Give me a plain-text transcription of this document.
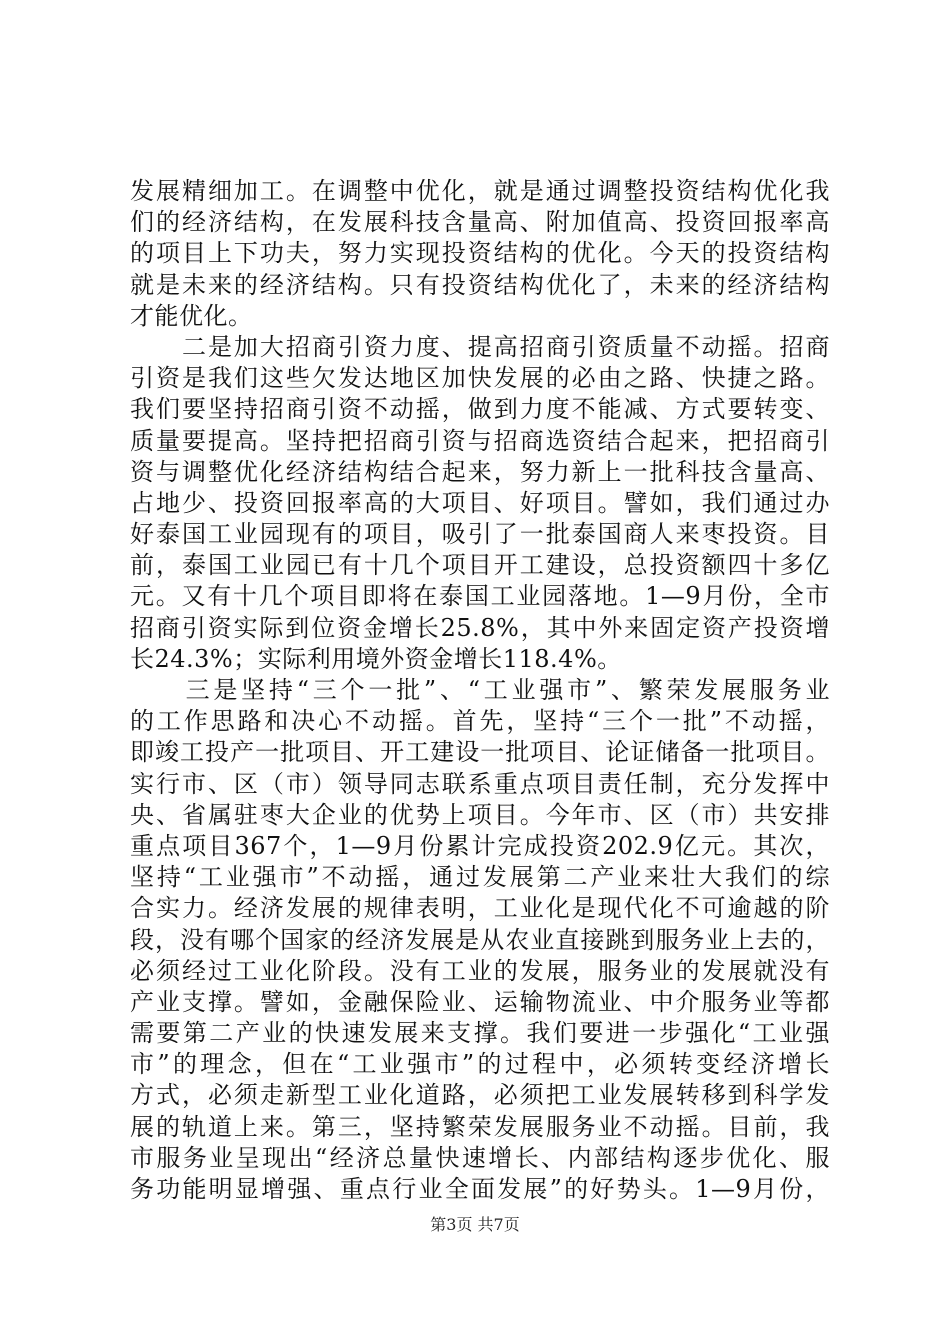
发展精细加工。在调整中优化，就是通过调整投资结构优化我
们的经济结构，在发展科技含量高、附加值高、投资回报率高
的项目上下功夫，努力实现投资结构的优化。今天的投资结构
就是未来的经济结构。只有投资结构优化了，未来的经济结构
才能优化。
　　二是加大招商引资力度、提高招商引资质量不动摇。招商
引资是我们这些欠发达地区加快发展的必由之路、快捷之路。
我们要坚持招商引资不动摇，做到力度不能减、方式要转变、
质量要提高。坚持把招商引资与招商选资结合起来，把招商引
资与调整优化经济结构结合起来，努力新上一批科技含量高、
占地少、投资回报率高的大项目、好项目。譬如，我们通过办
好泰国工业园现有的项目，吸引了一批泰国商人来枣投资。目
前，泰国工业园已有十几个项目开工建设，总投资额四十多亿
元。又有十几个项目即将在泰国工业园落地。1—9月份，全市
招商引资实际到位资金增长25.8%，其中外来固定资产投资增
长24.3%；实际利用境外资金增长118.4%。
　　三是坚持“三个一批”、“工业强市”、繁荣发展服务业
的工作思路和决心不动摇。首先，坚持“三个一批”不动摇，
即竣工投产一批项目、开工建设一批项目、论证储备一批项目。
实行市、区（市）领导同志联系重点项目责任制，充分发挥中
央、省属驻枣大企业的优势上项目。今年市、区（市）共安排
重点项目367个，1—9月份累计完成投资202.9亿元。其次，
坚持“工业强市”不动摇，通过发展第二产业来壮大我们的综
合实力。经济发展的规律表明，工业化是现代化不可逾越的阶
段，没有哪个国家的经济发展是从农业直接跳到服务业上去的，
必须经过工业化阶段。没有工业的发展，服务业的发展就没有
产业支撑。譬如，金融保险业、运输物流业、中介服务业等都
需要第二产业的快速发展来支撑。我们要进一步强化“工业强
市”的理念，但在“工业强市”的过程中，必须转变经济增长
方式，必须走新型工业化道路，必须把工业发展转移到科学发
展的轨道上来。第三，坚持繁荣发展服务业不动摇。目前，我
市服务业呈现出“经济总量快速增长、内部结构逐步优化、服
务功能明显增强、重点行业全面发展”的好势头。1—9月份，
第3页 共7页
